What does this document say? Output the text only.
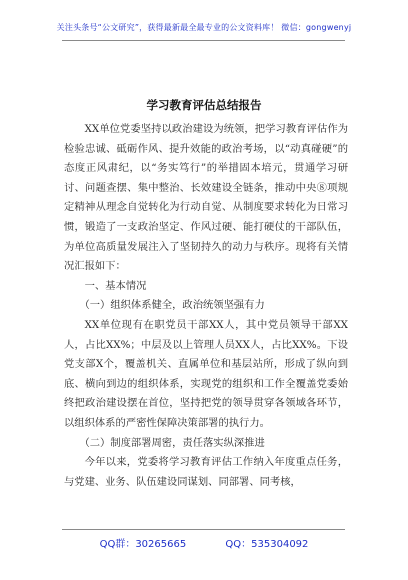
关注头条号“公文研究”，获得最新最全最专业的公文资料库！ 微信：gongwenyj
学习教育评估总结报告

XX单位党委坚持以政治建设为统领，把学习教育评估作为检验忠诚、砥砺作风、提升效能的政治考场，以“动真碰硬”的态度正风肃纪，以“务实笃行”的举措固本培元，贯通学习研讨、问题查摆、集中整治、长效建设全链条，推动中央⑧项规定精神从理念自觉转化为行动自觉、从制度要求转化为日常习惯，锻造了一支政治坚定、作风过硬、能打硬仗的干部队伍，为单位高质量发展注入了坚韧持久的动力与秩序。现将有关情况汇报如下：

一、基本情况

（一）组织体系健全，政治统领坚强有力

XX单位现有在职党员干部XX人，其中党员领导干部XX人，占比XX%；中层及以上管理人员XX人，占比XX%。下设党支部X个，覆盖机关、直属单位和基层站所，形成了纵向到底、横向到边的组织体系，实现党的组织和工作全覆盖党委始终把政治建设摆在首位，坚持把党的领导贯穿各领域各环节，以组织体系的严密性保障决策部署的执行力。

（二）制度部署周密，责任落实纵深推进

今年以来，党委将学习教育评估工作纳入年度重点任务，与党建、业务、队伍建设同谋划、同部署、同考核，

QQ群：30265665	QQ：535304092
